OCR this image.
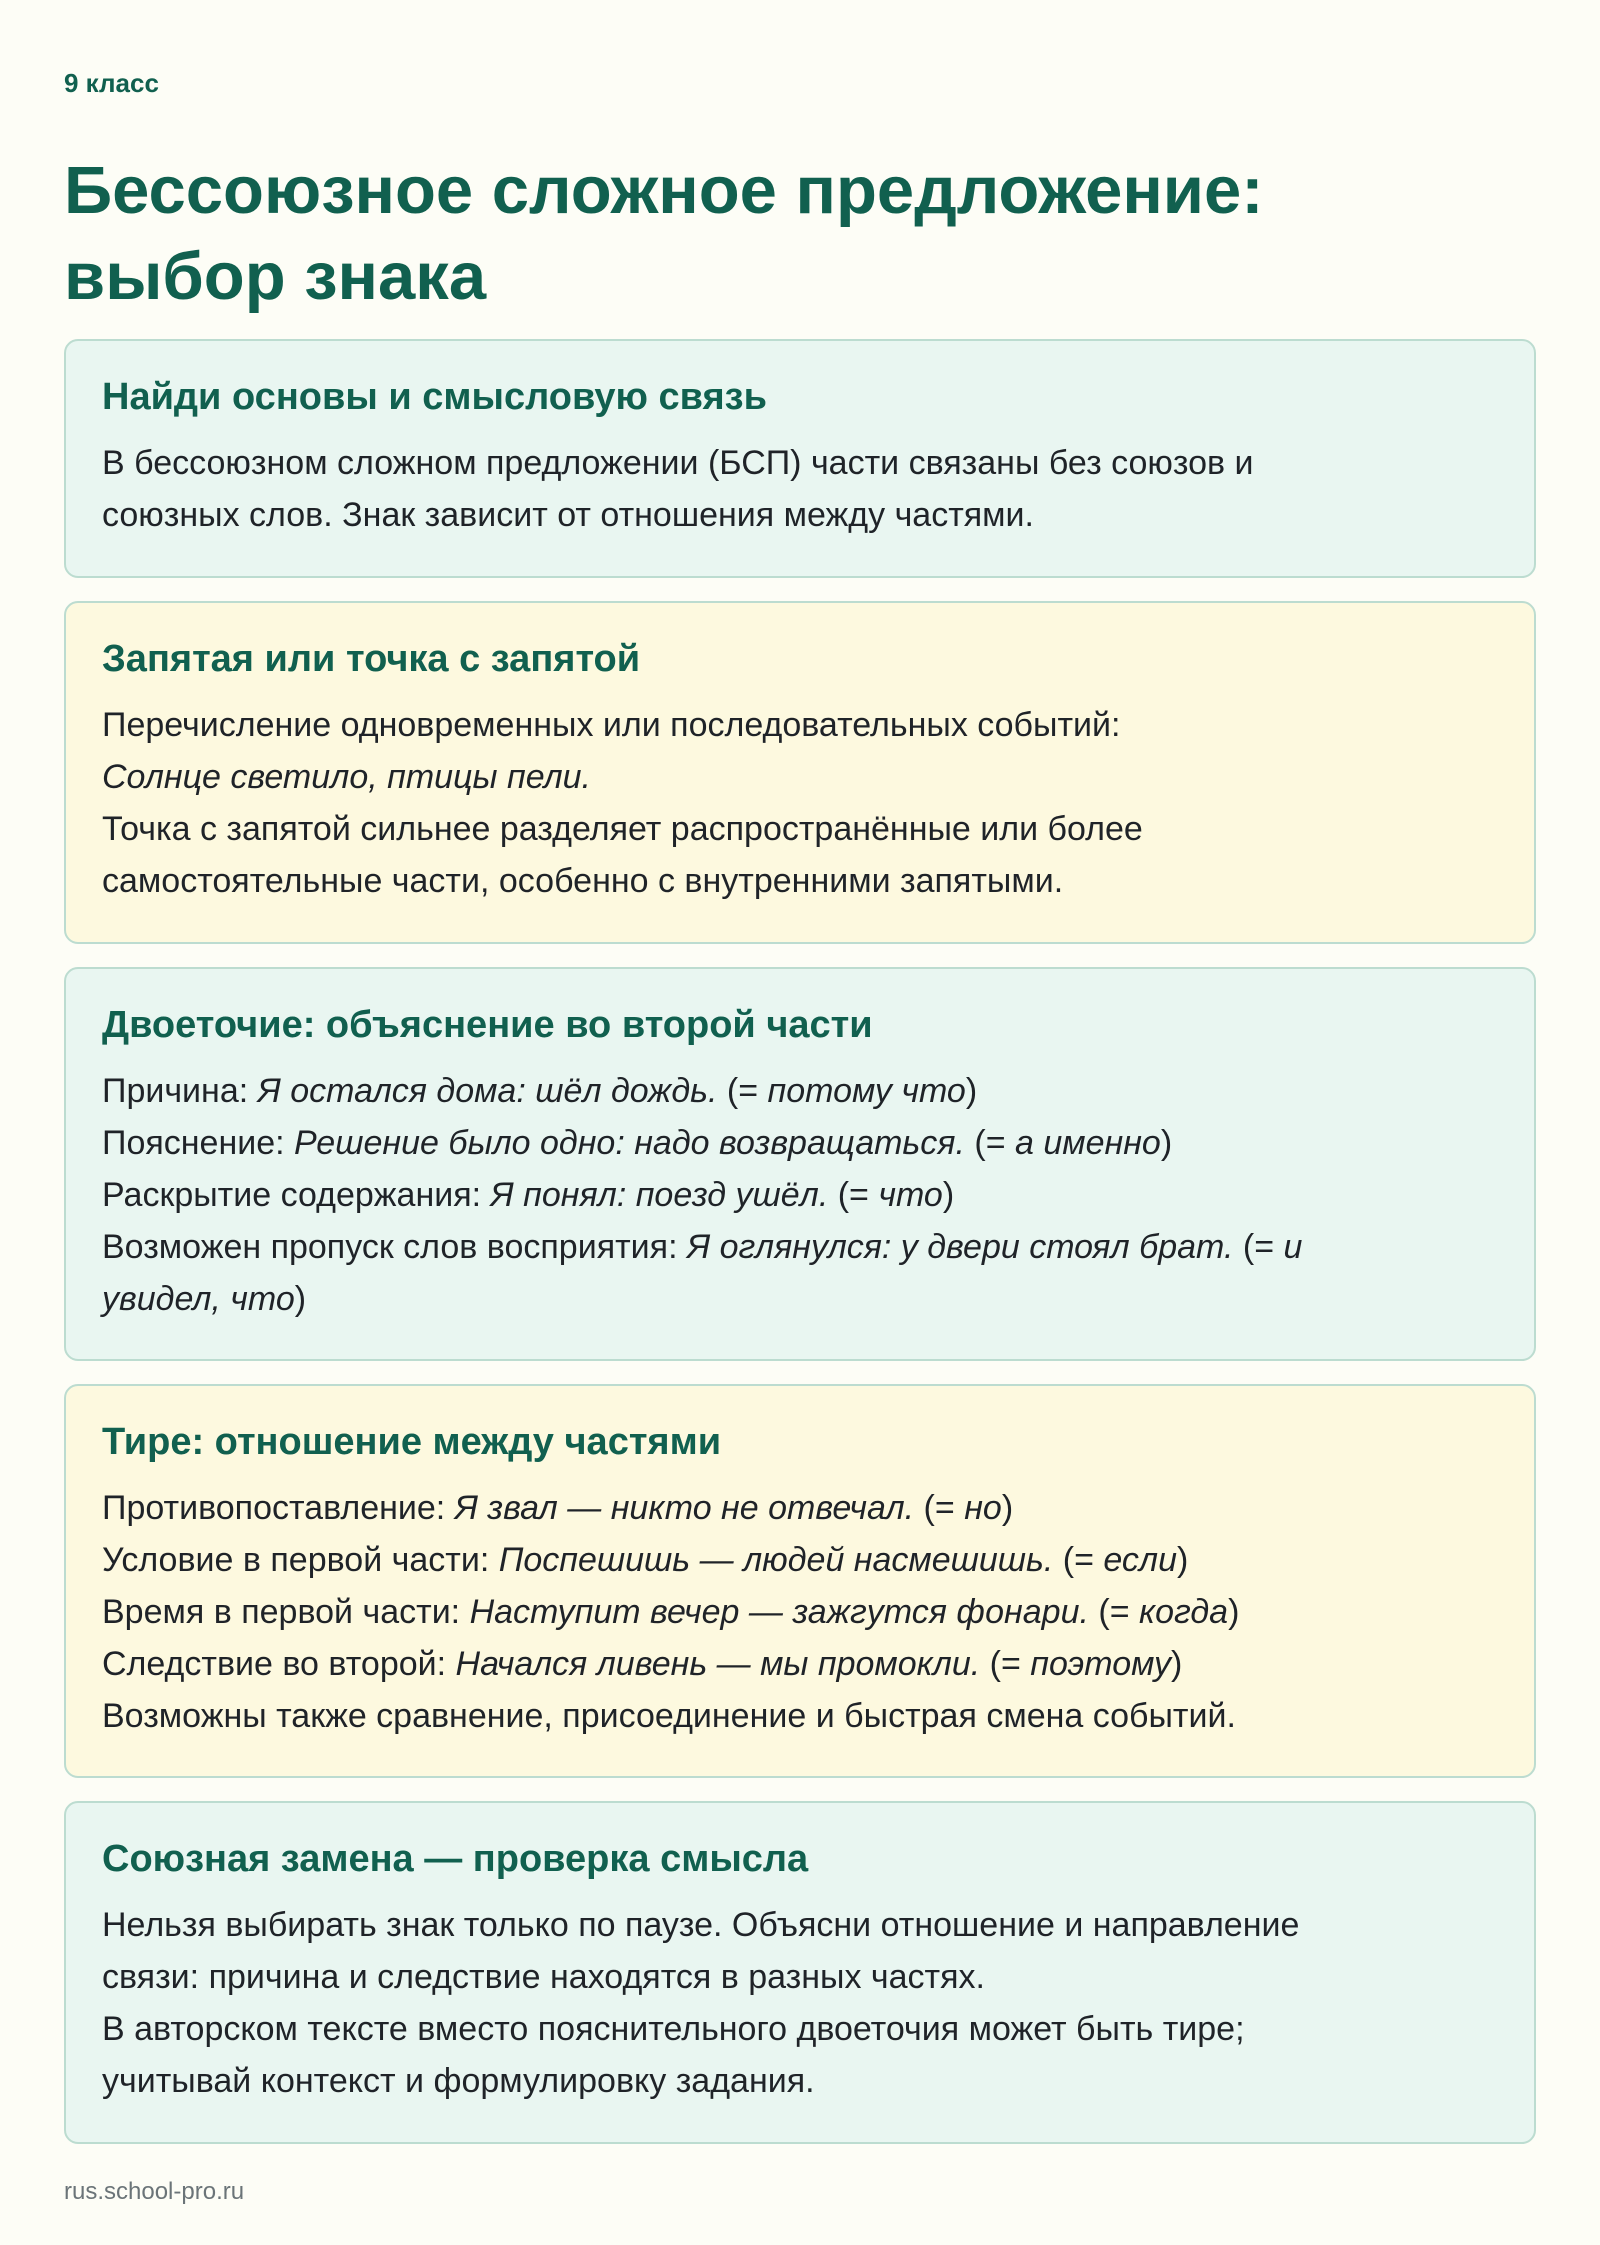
9 класс

Бессоюзное сложное предложение:
выбор знака
Найди основы и смысловую связь

В бессоюзном сложном предложении (БСП) части связаны без союзов и

союзных слов. Знак зависит от отношения между частями.

Запятая или точка с запятой

Перечисление одновременных или последовательных событий:

Солнце светило, птицы пели.

Точка с запятой сильнее разделяет распространённые или более

самостоятельные части, особенно с внутренними запятыми.

Двоеточие: объяснение во второй части

Причина: Я остался дома: шёл дождь. (= потому что)

Пояснение: Решение было одно: надо возвращаться. (= а именно)

Раскрытие содержания: Я понял: поезд ушёл. (= что)

Возможен пропуск слов восприятия: Я оглянулся: у двери стоял брат. (= и

увидел, что)

Тире: отношение между частями

Противопоставление: Я звал — никто не отвечал. (= но)

Условие в первой части: Поспешишь — людей насмешишь. (= если)

Время в первой части: Наступит вечер — зажгутся фонари. (= когда)

Следствие во второй: Начался ливень — мы промокли. (= поэтому)

Возможны также сравнение, присоединение и быстрая смена событий.

Союзная замена — проверка смысла

Нельзя выбирать знак только по паузе. Объясни отношение и направление

связи: причина и следствие находятся в разных частях.

В авторском тексте вместо пояснительного двоеточия может быть тире;

учитывай контекст и формулировку задания.

rus.school-pro.ru
